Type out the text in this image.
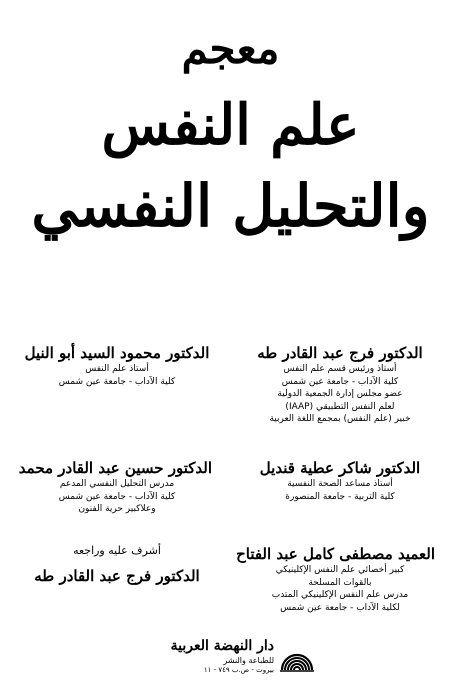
معجم
علم النفس
والتحليل النفسي
الدكتور فرج عبد القادر طه
أستاذ ورئيس قسم علم النفس
كلية الآداب - جامعة عين شمس
عضو مجلس إدارة الجمعية الدولية
لعلم النفس التطبيقي (IAAP)
خبير (علم النفس) بمجمع اللغة العربية
الدكتور محمود السيد أبو النيل
أستاذ علم النفس
كلية الآداب - جامعة عين شمس
الدكتور شاكر عطية قنديل
أستاذ مساعد الصحة النفسية
كلية التربية - جامعة المنصورة
الدكتور حسين عبد القادر محمد
مدرس التحليل النفسي المدعم
كلية الآداب - جامعة عين شمس
وعلاكبير حرية الفنون
العميد مصطفى كامل عبد الفتاح
كبير أخصائي علم النفس الإكلينيكي
بالقوات المسلحة
مدرس علم النفس الإكلينيكي المتدب
لكلية الآداب - جامعة عين شمس
أشرف عليه وراجعه
الدكتور فرج عبد القادر طه
دار النهضة العربية
للطباعة والنشر
بيروت - ص.ب ٧٤٩ - ١١
